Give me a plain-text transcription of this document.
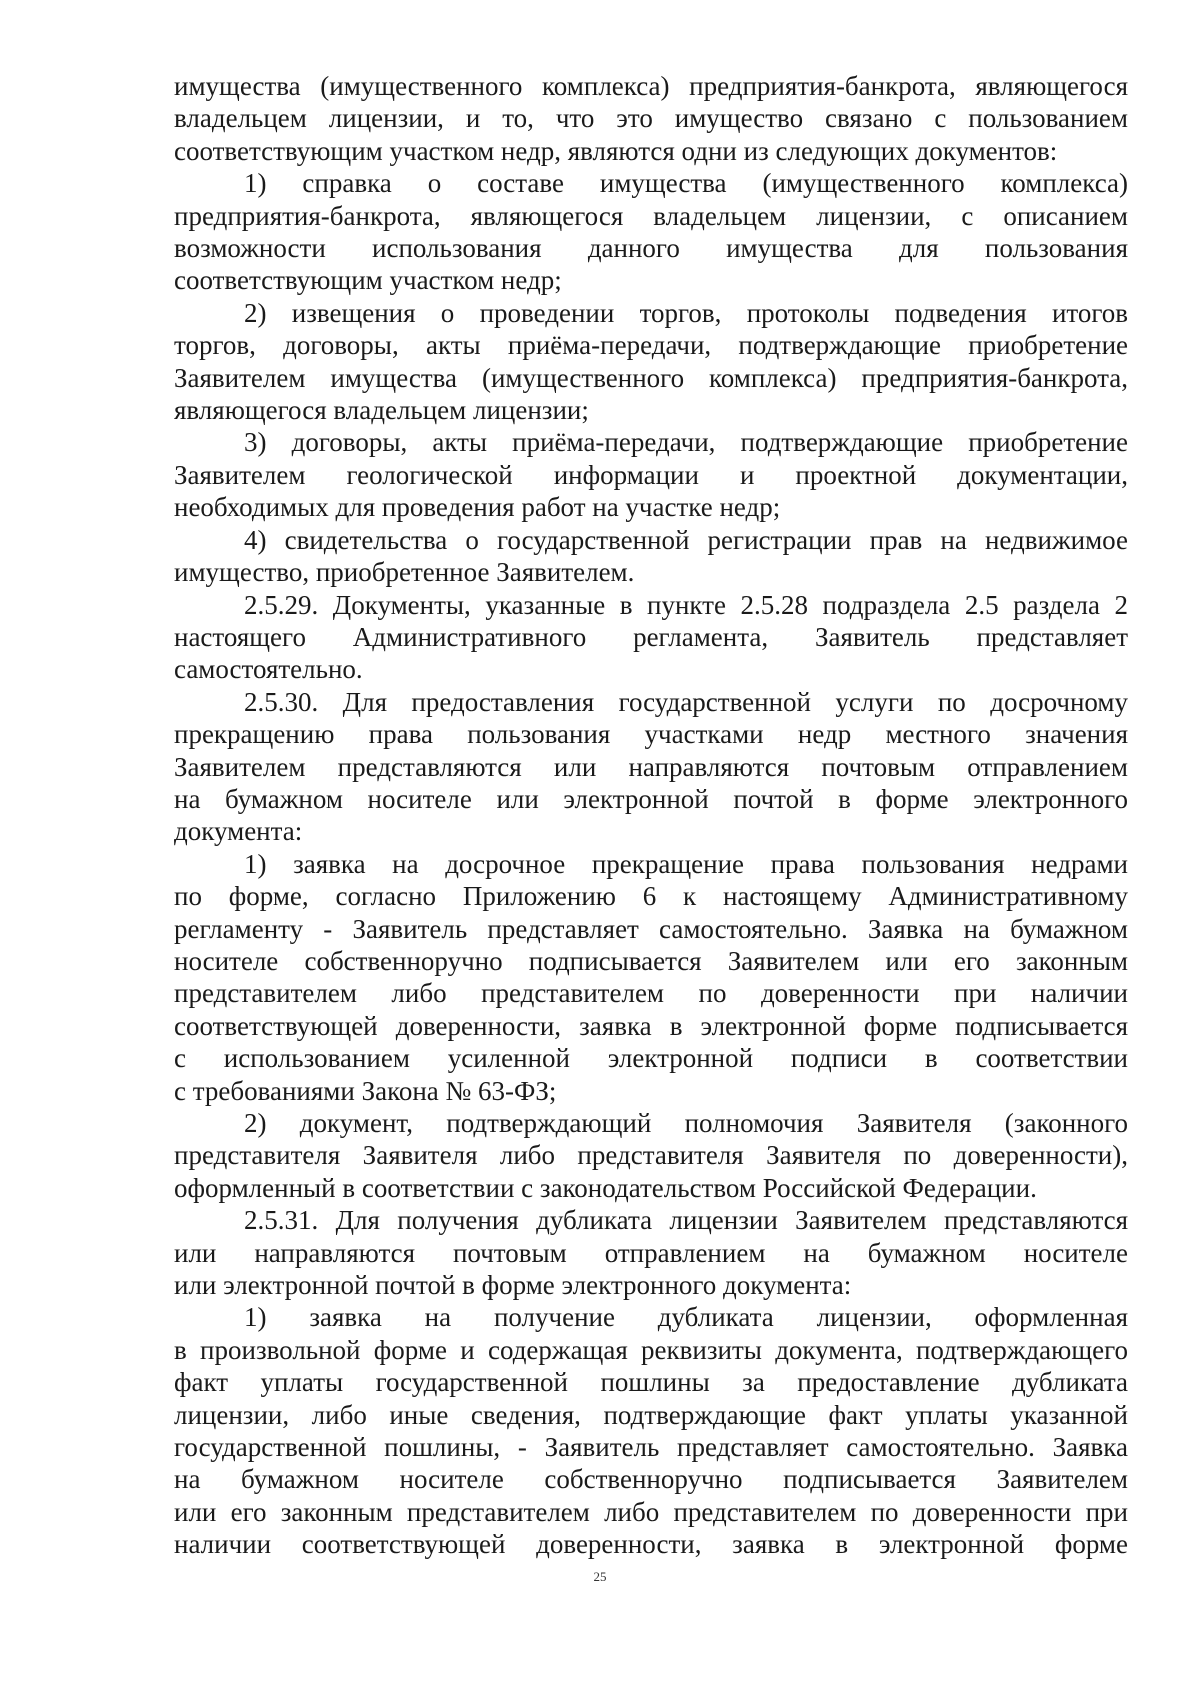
имущества (имущественного комплекса) предприятия-банкрота, являющегося
владельцем лицензии, и то, что это имущество связано с пользованием
соответствующим участком недр, являются одни из следующих документов:
1) справка о составе имущества (имущественного комплекса)
предприятия-банкрота, являющегося владельцем лицензии, с описанием
возможности использования данного имущества для пользования
соответствующим участком недр;
2) извещения о проведении торгов, протоколы подведения итогов
торгов, договоры, акты приёма-передачи, подтверждающие приобретение
Заявителем имущества (имущественного комплекса) предприятия-банкрота,
являющегося владельцем лицензии;
3) договоры, акты приёма-передачи, подтверждающие приобретение
Заявителем геологической информации и проектной документации,
необходимых для проведения работ на участке недр;
4) свидетельства о государственной регистрации прав на недвижимое
имущество, приобретенное Заявителем.
2.5.29. Документы, указанные в пункте 2.5.28 подраздела 2.5 раздела 2
настоящего Административного регламента, Заявитель представляет
самостоятельно.
2.5.30. Для предоставления государственной услуги по досрочному
прекращению права пользования участками недр местного значения
Заявителем представляются или направляются почтовым отправлением
на бумажном носителе или электронной почтой в форме электронного
документа:
1) заявка на досрочное прекращение права пользования недрами
по форме, согласно Приложению 6 к настоящему Административному
регламенту - Заявитель представляет самостоятельно. Заявка на бумажном
носителе собственноручно подписывается Заявителем или его законным
представителем либо представителем по доверенности при наличии
соответствующей доверенности, заявка в электронной форме подписывается
с использованием усиленной электронной подписи в соответствии
с требованиями Закона № 63-ФЗ;
2) документ, подтверждающий полномочия Заявителя (законного
представителя Заявителя либо представителя Заявителя по доверенности),
оформленный в соответствии с законодательством Российской Федерации.
2.5.31. Для получения дубликата лицензии Заявителем представляются
или направляются почтовым отправлением на бумажном носителе
или электронной почтой в форме электронного документа:
1) заявка на получение дубликата лицензии, оформленная
в произвольной форме и содержащая реквизиты документа, подтверждающего
факт уплаты государственной пошлины за предоставление дубликата
лицензии, либо иные сведения, подтверждающие факт уплаты указанной
государственной пошлины, - Заявитель представляет самостоятельно. Заявка
на бумажном носителе собственноручно подписывается Заявителем
или его законным представителем либо представителем по доверенности при
наличии соответствующей доверенности, заявка в электронной форме
25
